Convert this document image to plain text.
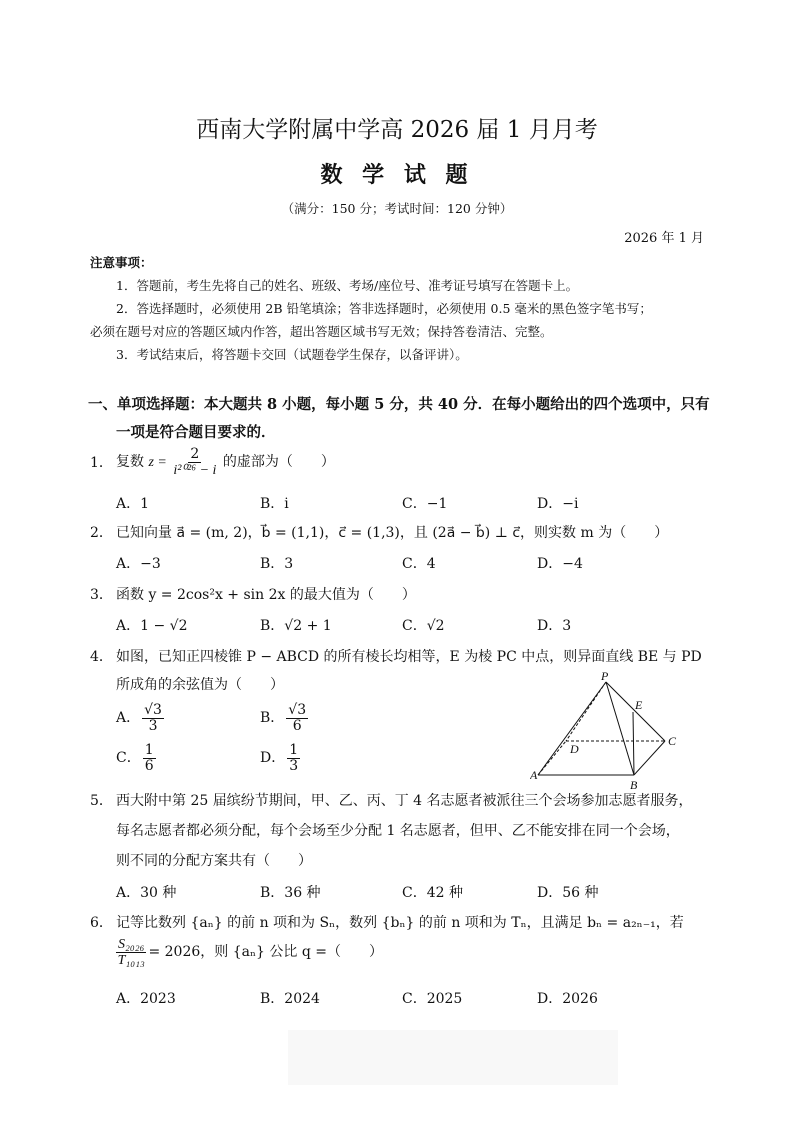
西南大学附属中学高 2026 届 1 月月考
数 学 试 题
（满分：150 分；考试时间：120 分钟）
2026 年 1 月
注意事项：
1．答题前，考生先将自己的姓名、班级、考场/座位号、准考证号填写在答题卡上。
2．答选择题时，必须使用 2B 铅笔填涂；答非选择题时，必须使用 0.5 毫米的黑色签字笔书写；
必须在题号对应的答题区域内作答，超出答题区域书写无效；保持答卷清洁、完整。
3．考试结束后，将答题卡交回（试题卷学生保存，以备评讲）。
一、单项选择题：本大题共 8 小题，每小题 5 分，共 40 分．在每小题给出的四个选项中，只有
一项是符合题目要求的．
1． 复数 $z = \frac{2}{\text{i²⁰²⁶ − i}}$ 的虚部为（　　）
A．1	B．i	C．−1	D．−i
2． 已知向量 a⃗ = (m, 2)，b⃗ = (1,1)，c⃗ = (1,3)，且 (2a⃗ − b⃗) ⊥ c⃗，则实数 m 为（　　）
A．−3	B．3	C．4	D．−4
3． 函数 y = 2cos²x + sin 2x 的最大值为（　　）
A．1 − √2	B．√2 + 1	C．√2	D．3
4． 如图，已知正四棱锥 P − ABCD 的所有棱长均相等，E 为棱 PC 中点，则异面直线 BE 与 PD
所成角的余弦值为（　　）
A． $\frac{√3}{3}$	B． $\frac{√3}{6}$
C． $\frac{1}{6}$	D． $\frac{1}{3}$
P
E
D
C
A
B
5． 西大附中第 25 届缤纷节期间，甲、乙、丙、丁 4 名志愿者被派往三个会场参加志愿者服务，
每名志愿者都必须分配，每个会场至少分配 1 名志愿者，但甲、乙不能安排在同一个会场，
则不同的分配方案共有（　　）
A．30 种	B．36 种	C．42 种	D．56 种
6． 记等比数列 {aₙ} 的前 n 项和为 Sₙ，数列 {bₙ} 的前 n 项和为 Tₙ，且满足 bₙ = a₂ₙ₋₁，若
$\frac{\text{S₂₀₂₆}}{\text{T₁₀₁₃}} = 2026$，则 {aₙ} 公比 q =（　　）
A．2023	B．2024	C．2025	D．2026
